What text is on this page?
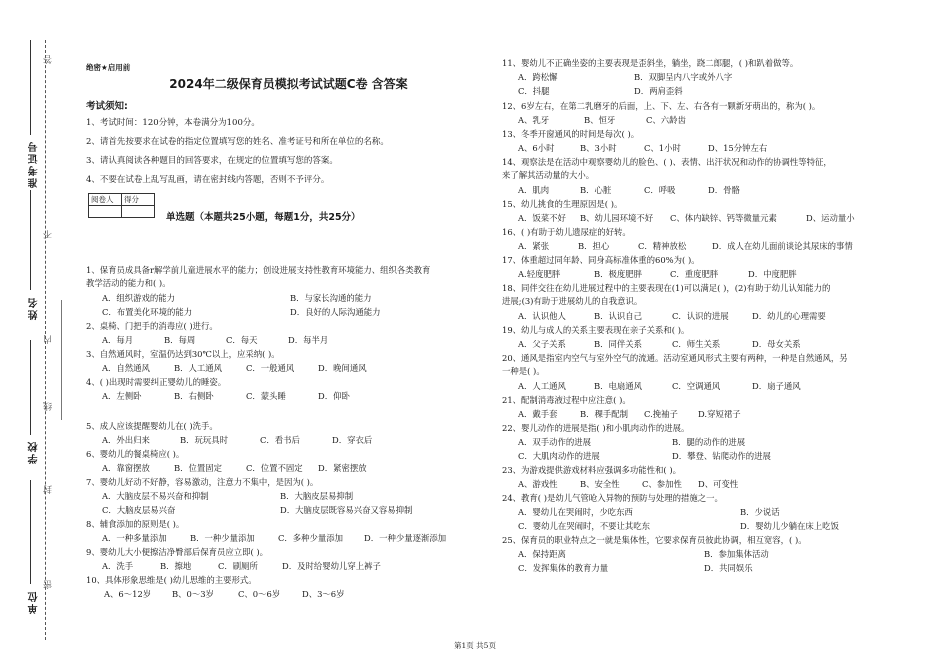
准考证号
姓名
学校
单位
答
不
内
线
封
密
绝密★启用前
2024年二级保育员模拟考试试题C卷 含答案
考试须知:
1、考试时间：120分钟，本卷满分为100分。
2、请首先按要求在试卷的指定位置填写您的姓名、准考证号和所在单位的名称。
3、请认真阅读各种题目的回答要求，在规定的位置填写您的答案。
4、不要在试卷上乱写乱画，请在密封线内答题，否则不予评分。
阅卷人	得分

单选题（本题共25小题，每题1分，共25分）
1、保育员成具备r解学前儿童进展水平的能力；创设进展支持性教育环境能力、组织各类教育
教学活动的能力和( )。
A．组织游戏的能力	B．与家长沟通的能力
C．布置美化环境的能力	D．良好的人际沟通能力
2、桌椅、门把手的消毒应( )进行。
A．每月	B．每周	C．每天	D．每半月
3、自然通风时，室温仍达到30℃以上，应采纳( )。
A．自然通风	B．人工通风	C．一般通风	D．晚间通风
4、( )出现时需要纠正婴幼儿的睡姿。
A．左侧卧	B．右侧卧	C．蒙头睡	D．仰卧
5、成人应该提醒婴幼儿在( )洗手。
A．外出归来	B．玩玩具时	C．看书后	D．穿衣后
6、婴幼儿的餐桌椅应( )。
A．靠窗摆放	B．位置固定	C．位置不固定 D．紧密摆放
7、婴幼儿好动不好静，容易激动，注意力不集中，是因为( )。
A．大脑皮层不易兴奋和抑制	B．大脑皮层易抑制
C．大脑皮层易兴奋	D．大脑皮层既容易兴奋又容易抑制
8、辅食添加的原则是( )。
A．一种多量添加	B．一种少量添加	C．多种少量添加 D．一种少量逐渐添加
9、婴幼儿大小便擦洁净臀部后保育员应立即( )。
A．洗手	B．擦地	C．刷厕所	D．及时给婴幼儿穿上裤子
10、具体形象思维是( )幼儿思维的主要形式。
A、6～12岁 B、0～3岁	C、0～6岁	D、3～6岁
11、婴幼儿不正确坐姿的主要表现是歪斜坐，躺坐，跷二郎腿，( )和趴着做等。
A．跨松懈	B．双脚呈内八字或外八字
C．抖腿	D．两肩歪斜
12、6岁左右，在第二乳磨牙的后面，上、下、左、右各有一颗新牙萌出的，称为( )。
A、乳牙	B、恒牙	C、六龄齿
13、冬季开窗通风的时间是每次( )。
A、6小时	B、3小时	C、1小时	D、15分钟左右
14、观察法是在活动中观察婴幼儿的脸色、( )、表情、出汗状况和动作的协调性等特征，
来了解其活动量的大小。
A．肌肉	B．心脏	C．呼吸	D．骨骼
15、幼儿挑食的生理原因是( )。
A．饭菜不好 B、幼儿园环境不好 C、体内缺锌、钙等微量元素	D、运动量小
16、( )有助于幼儿遗尿症的好转。
A．紧张	B．担心	C．精神放松	D．成人在幼儿面前谈论其尿床的事情
17、体重超过同年龄、同身高标准体重的60%为( )。
A.轻度肥胖	B．极度肥胖	C．重度肥胖	D．中度肥胖
18、同伴交往在幼儿进展过程中的主要表现在(1)可以满足( )，(2)有助于幼儿认知能力的
进展;(3)有助于进展幼儿的自我意识。
A．认识他人	B．认识自己	C．认识的进展	D．幼儿的心理需要
19、幼儿与成人的关系主要表现在亲子关系和( )。
A．父子关系	B．同伴关系	C．师生关系	D．母女关系
20、通风是指室内空气与室外空气的流通。活动室通风形式主要有两种，一种是自然通风，另
一种是( )。
A．人工通风	B．电扇通风	C．空调通风	D．扇子通风
21、配制消毒液过程中应注意( )。
A．戴手套	B．稞手配制 C.挽袖子 D.穿短裙子
22、婴儿动作的进展是指( )和小肌肉动作的进展。
A．双手动作的进展	B．腿的动作的进展
C．大肌肉动作的进展	D．攀登、钻爬动作的进展
23、为游戏提供游戏材料应强调多功能性和( )。
A、游戏性	B、安全性	C、参加性 D、可变性
24、教育( )是幼儿气管呛入异物的预防与处理的措施之一。
A．婴幼儿在哭闹时，少吃东西	B．少说话
C．婴幼儿在哭闹时，不要让其吃东	D．婴幼儿少躺在床上吃饭
25、保育员的职业特点之一就是集体性，它要求保育员彼此协调，相互宽容，( )。
A．保持距离	B．参加集体活动
C．发挥集体的教育力量	D．共同娱乐
第1页 共5页
